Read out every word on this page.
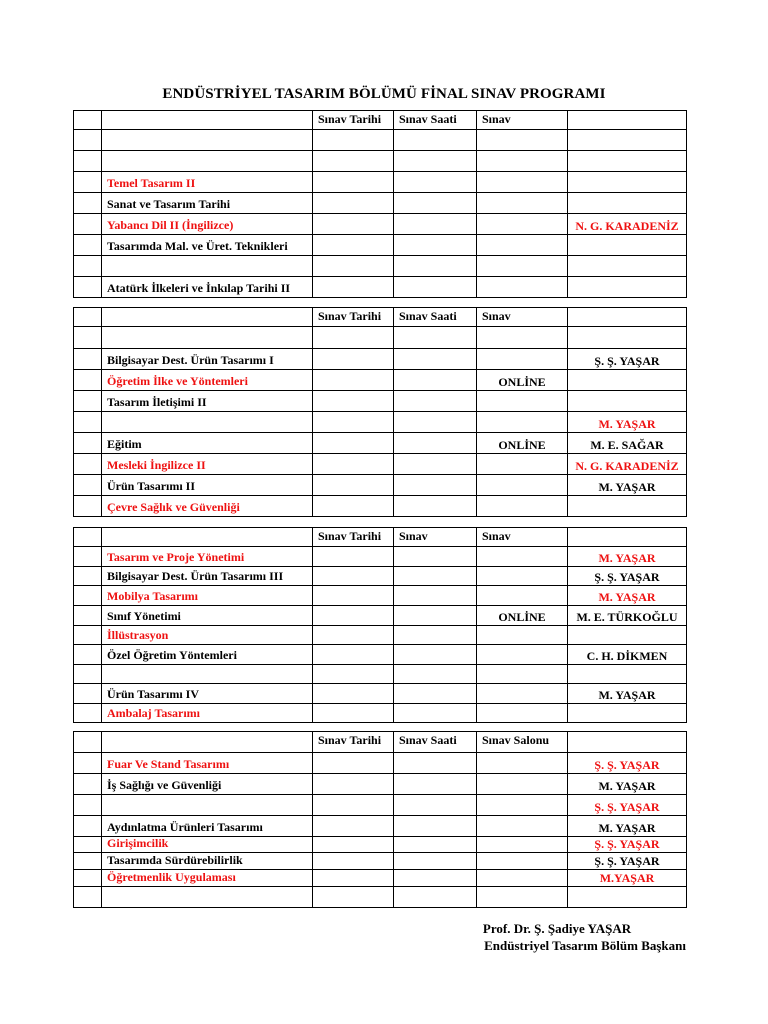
ENDÜSTRİYEL TASARIM BÖLÜMÜ FİNAL SINAV PROGRAMI
		Sınav Tarihi	Sınav Saati	Sınav	

	Temel Tasarım II				
	Sanat ve Tasarım Tarihi				
	Yabancı Dil II (İngilizce)				N. G. KARADENİZ
	Tasarımda Mal. ve Üret. Teknikleri				

	Atatürk İlkeleri ve İnkılap Tarihi II				
		Sınav Tarihi	Sınav Saati	Sınav	

	Bilgisayar Dest. Ürün Tasarımı I				Ş. Ş. YAŞAR
	Öğretim İlke ve Yöntemleri			ONLİNE	
	Tasarım İletişimi II				
					M. YAŞAR
	Eğitim			ONLİNE	M. E. SAĞAR
	Mesleki İngilizce II				N. G. KARADENİZ
	Ürün Tasarımı II				M. YAŞAR
	Çevre Sağlık ve Güvenliği				
		Sınav Tarihi	Sınav	Sınav	
	Tasarım ve Proje Yönetimi				M. YAŞAR
	Bilgisayar Dest. Ürün Tasarımı III				Ş. Ş. YAŞAR
	Mobilya Tasarımı				M. YAŞAR
	Sınıf Yönetimi			ONLİNE	M. E. TÜRKOĞLU
	İllüstrasyon				
	Özel Öğretim Yöntemleri				C. H. DİKMEN

	Ürün Tasarımı IV				M. YAŞAR
	Ambalaj Tasarımı				
		Sınav Tarihi	Sınav Saati	Sınav Salonu	
	Fuar Ve Stand Tasarımı				Ş. Ş. YAŞAR
	İş Sağlığı ve Güvenliği				M. YAŞAR
					Ş. Ş. YAŞAR
	Aydınlatma Ürünleri Tasarımı				M. YAŞAR
	Girişimcilik				Ş. Ş. YAŞAR
	Tasarımda Sürdürebilirlik				Ş. Ş. YAŞAR
	Öğretmenlik Uygulaması				M.YAŞAR

Prof. Dr. Ş. Şadiye YAŞAR
Endüstriyel Tasarım Bölüm Başkanı
